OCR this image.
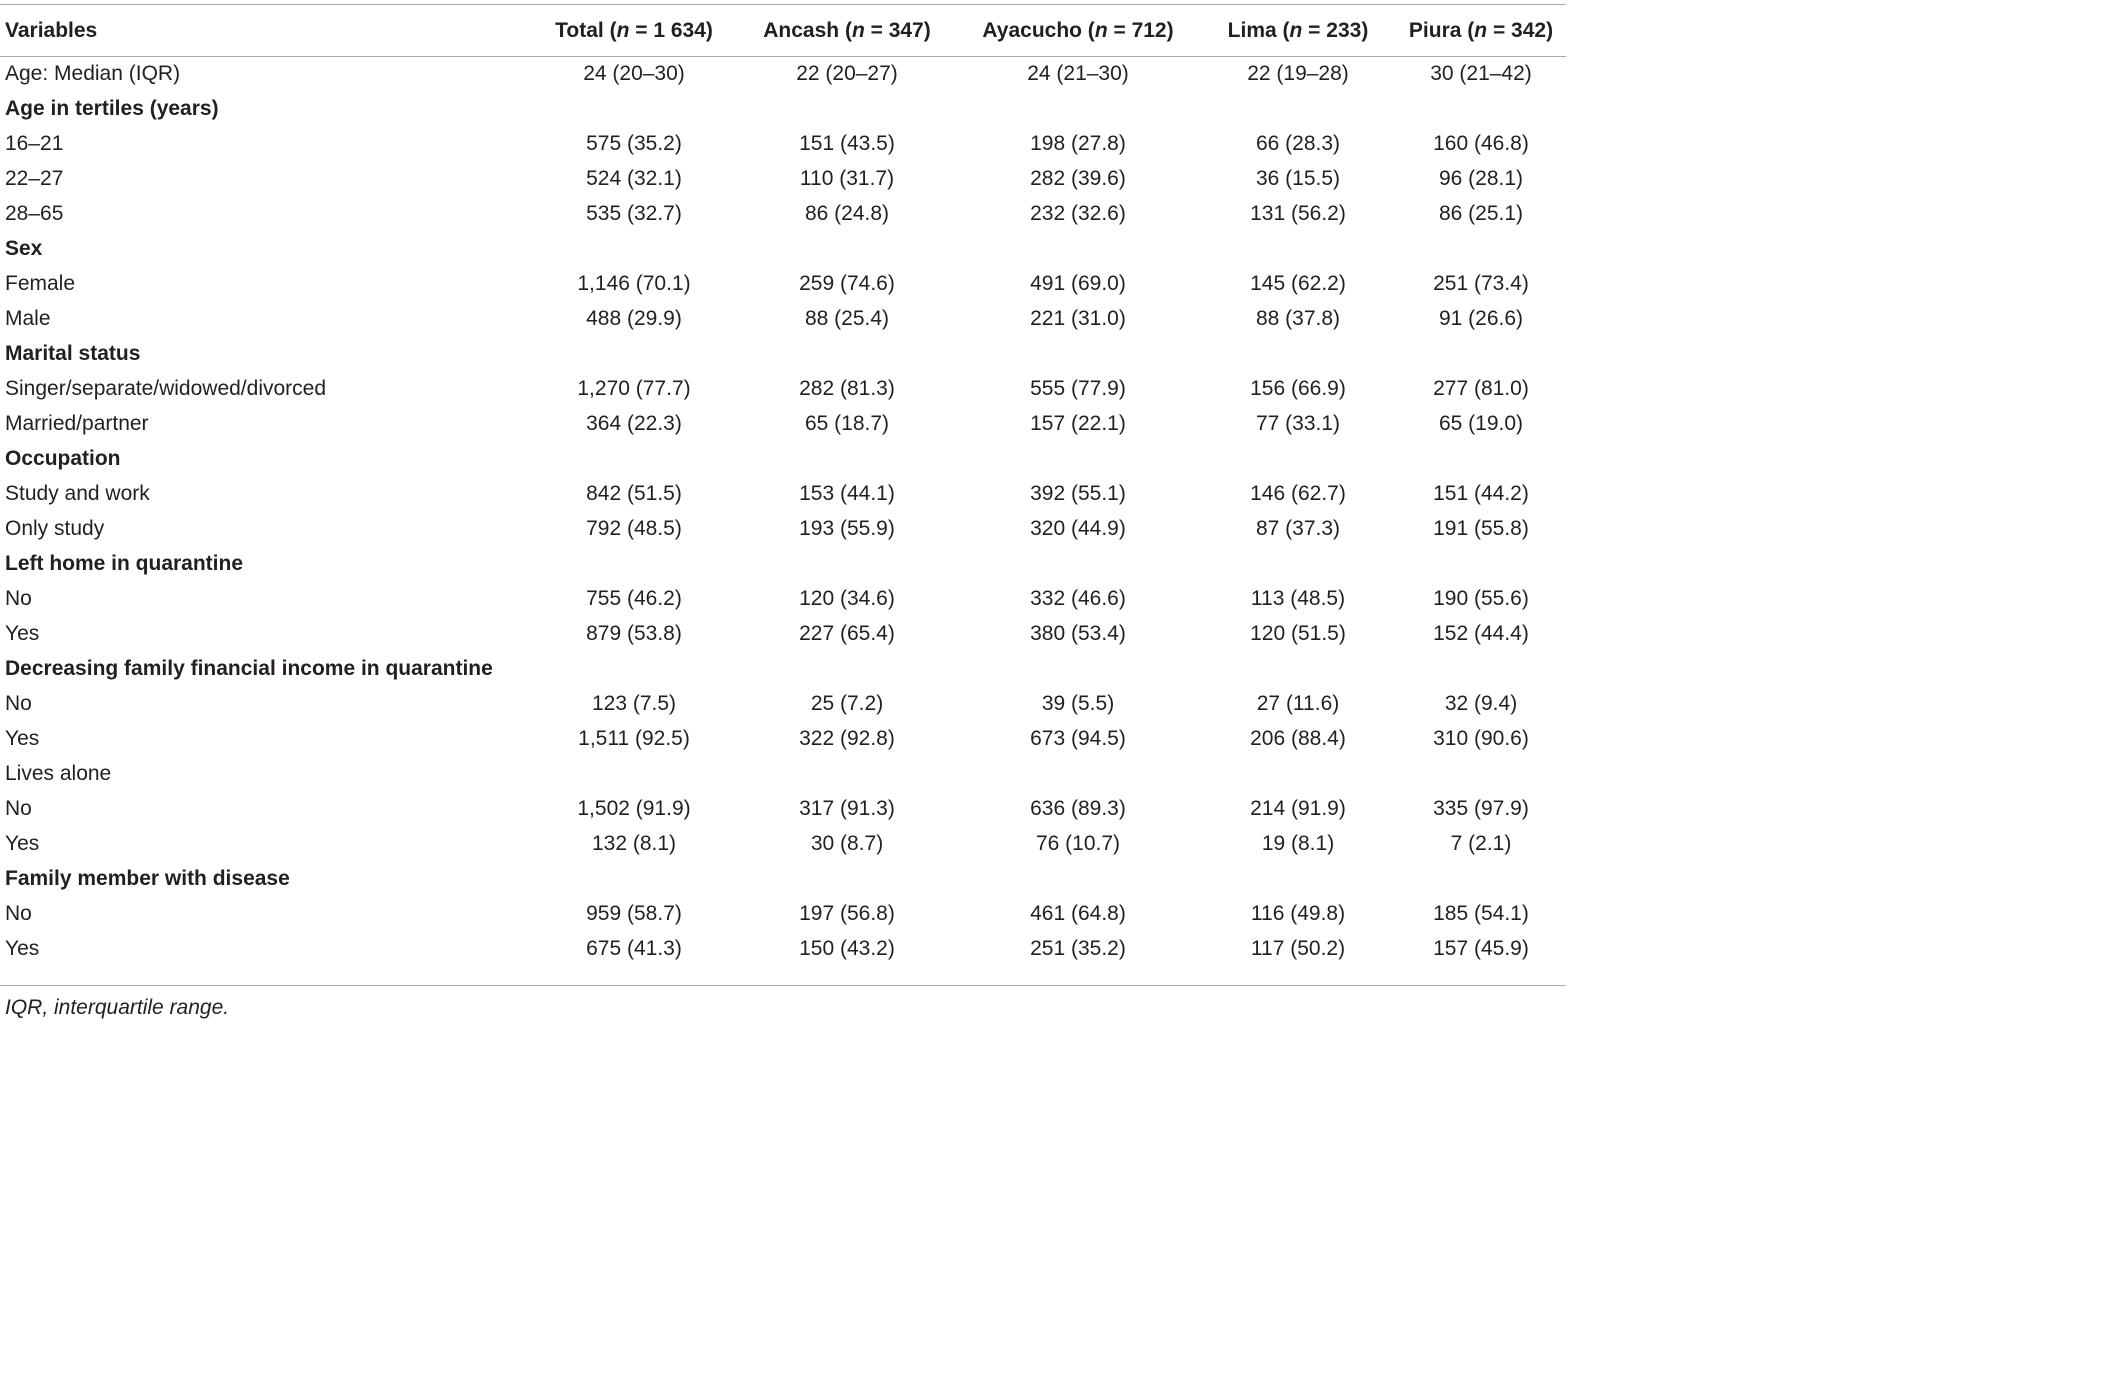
Variables	Total (n = 1 634)	Ancash (n = 347)	Ayacucho (n = 712)	Lima (n = 233)	Piura (n = 342)
Age: Median (IQR)	24 (20–30)	22 (20–27)	24 (21–30)	22 (19–28)	30 (21–42)
Age in tertiles (years)					
16–21	575 (35.2)	151 (43.5)	198 (27.8)	66 (28.3)	160 (46.8)
22–27	524 (32.1)	110 (31.7)	282 (39.6)	36 (15.5)	96 (28.1)
28–65	535 (32.7)	86 (24.8)	232 (32.6)	131 (56.2)	86 (25.1)
Sex					
Female	1,146 (70.1)	259 (74.6)	491 (69.0)	145 (62.2)	251 (73.4)
Male	488 (29.9)	88 (25.4)	221 (31.0)	88 (37.8)	91 (26.6)
Marital status					
Singer/separate/widowed/divorced	1,270 (77.7)	282 (81.3)	555 (77.9)	156 (66.9)	277 (81.0)
Married/partner	364 (22.3)	65 (18.7)	157 (22.1)	77 (33.1)	65 (19.0)
Occupation					
Study and work	842 (51.5)	153 (44.1)	392 (55.1)	146 (62.7)	151 (44.2)
Only study	792 (48.5)	193 (55.9)	320 (44.9)	87 (37.3)	191 (55.8)
Left home in quarantine					
No	755 (46.2)	120 (34.6)	332 (46.6)	113 (48.5)	190 (55.6)
Yes	879 (53.8)	227 (65.4)	380 (53.4)	120 (51.5)	152 (44.4)
Decreasing family financial income in quarantine					
No	123 (7.5)	25 (7.2)	39 (5.5)	27 (11.6)	32 (9.4)
Yes	1,511 (92.5)	322 (92.8)	673 (94.5)	206 (88.4)	310 (90.6)
Lives alone					
No	1,502 (91.9)	317 (91.3)	636 (89.3)	214 (91.9)	335 (97.9)
Yes	132 (8.1)	30 (8.7)	76 (10.7)	19 (8.1)	7 (2.1)
Family member with disease					
No	959 (58.7)	197 (56.8)	461 (64.8)	116 (49.8)	185 (54.1)
Yes	675 (41.3)	150 (43.2)	251 (35.2)	117 (50.2)	157 (45.9)
IQR, interquartile range.
